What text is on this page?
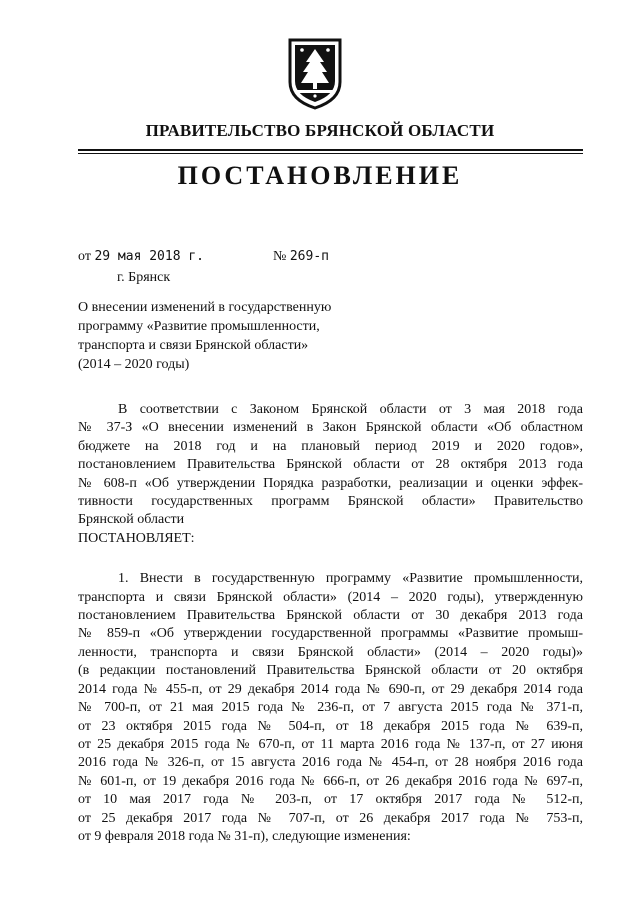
ПРАВИТЕЛЬСТВО БРЯНСКОЙ ОБЛАСТИ
ПОСТАНОВЛЕНИЕ
от 29 мая 2018 г.	№ 269-п
г. Брянск
О внесении изменений в государственную
программу «Развитие промышленности,
транспорта и связи Брянской области»
(2014 – 2020 годы)
В соответствии с Законом Брянской области от 3 мая 2018 года
№ 37-З «О внесении изменений в Закон Брянской области «Об областном
бюджете на 2018 год и на плановый период 2019 и 2020 годов»,
постановлением Правительства Брянской области от 28 октября 2013 года
№ 608-п «Об утверждении Порядка разработки, реализации и оценки эффек-
тивности государственных программ Брянской области» Правительство
Брянской области
ПОСТАНОВЛЯЕТ:
1. Внести в государственную программу «Развитие промышленности,
транспорта и связи Брянской области» (2014 – 2020 годы), утвержденную
постановлением Правительства Брянской области от 30 декабря 2013 года
№ 859-п «Об утверждении государственной программы «Развитие промыш-
ленности, транспорта и связи Брянской области» (2014 – 2020 годы)»
(в редакции постановлений Правительства Брянской области от 20 октября
2014 года № 455-п, от 29 декабря 2014 года № 690-п, от 29 декабря 2014 года
№ 700-п, от 21 мая 2015 года № 236-п, от 7 августа 2015 года № 371-п,
от 23 октября 2015 года № 504-п, от 18 декабря 2015 года № 639-п,
от 25 декабря 2015 года № 670-п, от 11 марта 2016 года № 137-п, от 27 июня
2016 года № 326-п, от 15 августа 2016 года № 454-п, от 28 ноября 2016 года
№ 601-п, от 19 декабря 2016 года № 666-п, от 26 декабря 2016 года № 697-п,
от 10 мая 2017 года № 203-п, от 17 октября 2017 года № 512-п,
от 25 декабря 2017 года № 707-п, от 26 декабря 2017 года № 753-п,
от 9 февраля 2018 года № 31-п), следующие изменения:
